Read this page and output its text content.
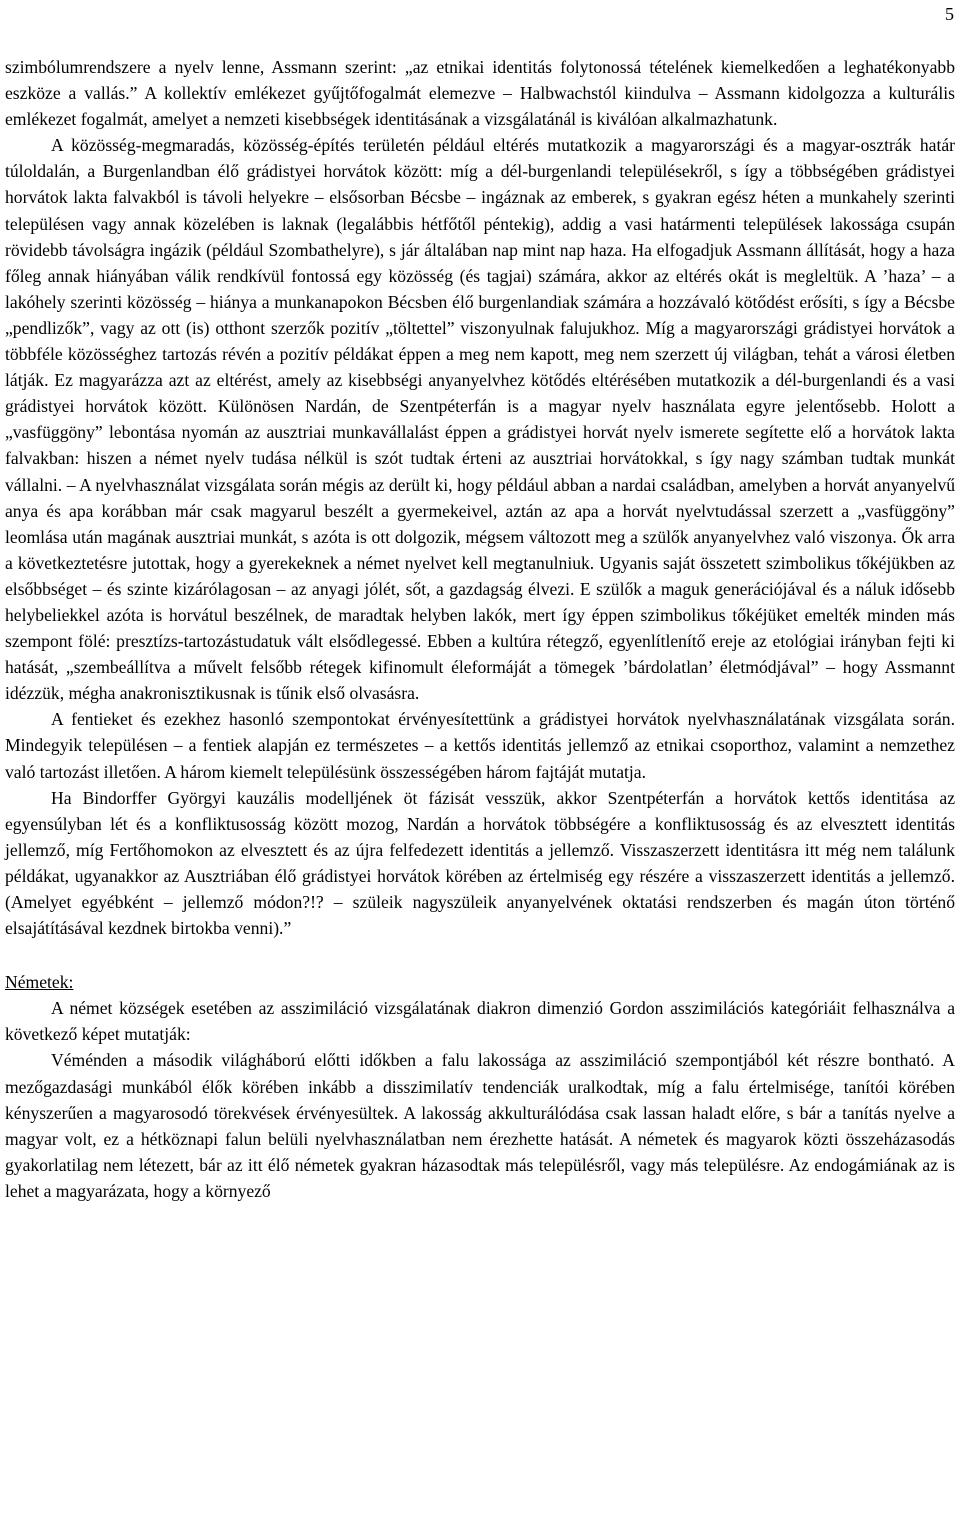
5

szimbólumrendszere a nyelv lenne, Assmann szerint: „az etnikai identitás folytonossá tételének kiemelkedően a leghatékonyabb eszköze a vallás.” A kollektív emlékezet gyűjtőfogalmát elemezve – Halbwachstól kiindulva – Assmann kidolgozza a kulturális emlékezet fogalmát, amelyet a nemzeti kisebbségek identitásának a vizsgálatánál is kiválóan alkalmazhatunk.

A közösség-megmaradás, közösség-építés területén például eltérés mutatkozik a magyarországi és a magyar-osztrák határ túloldalán, a Burgenlandban élő grádistyei horvátok között: míg a dél-burgenlandi településekről, s így a többségében grádistyei horvátok lakta falvakból is távoli helyekre – elsősorban Bécsbe – ingáznak az emberek, s gyakran egész héten a munkahely szerinti településen vagy annak közelében is laknak (legalábbis hétfőtől péntekig), addig a vasi határmenti települések lakossága csupán rövidebb távolságra ingázik (például Szombathelyre), s jár általában nap mint nap haza. Ha elfogadjuk Assmann állítását, hogy a haza főleg annak hiányában válik rendkívül fontossá egy közösség (és tagjai) számára, akkor az eltérés okát is megleltük. A ’haza’ – a lakóhely szerinti közösség – hiánya a munkanapokon Bécsben élő burgenlandiak számára a hozzávaló kötődést erősíti, s így a Bécsbe „pendlizők”, vagy az ott (is) otthont szerzők pozitív „töltettel” viszonyulnak falujukhoz. Míg a magyarországi grádistyei horvátok a többféle közösséghez tartozás révén a pozitív példákat éppen a meg nem kapott, meg nem szerzett új világban, tehát a városi életben látják. Ez magyarázza azt az eltérést, amely az kisebbségi anyanyelvhez kötődés eltérésében mutatkozik a dél-burgenlandi és a vasi grádistyei horvátok között. Különösen Nardán, de Szentpéterfán is a magyar nyelv használata egyre jelentősebb. Holott a „vasfüggöny” lebontása nyomán az ausztriai munkavállalást éppen a grádistyei horvát nyelv ismerete segítette elő a horvátok lakta falvakban: hiszen a német nyelv tudása nélkül is szót tudtak érteni az ausztriai horvátokkal, s így nagy számban tudtak munkát vállalni. – A nyelvhasználat vizsgálata során mégis az derült ki, hogy például abban a nardai családban, amelyben a horvát anyanyelvű anya és apa korábban már csak magyarul beszélt a gyermekeivel, aztán az apa a horvát nyelvtudással szerzett a „vasfüggöny” leomlása után magának ausztriai munkát, s azóta is ott dolgozik, mégsem változott meg a szülők anyanyelvhez való viszonya. Ők arra a következtetésre jutottak, hogy a gyerekeknek a német nyelvet kell megtanulniuk. Ugyanis saját összetett szimbolikus tőkéjükben az elsőbbséget – és szinte kizárólagosan – az anyagi jólét, sőt, a gazdagság élvezi. E szülők a maguk generációjával és a náluk idősebb helybeliekkel azóta is horvátul beszélnek, de maradtak helyben lakók, mert így éppen szimbolikus tőkéjüket emelték minden más szempont fölé: presztízs-tartozástudatuk vált elsődlegessé. Ebben a kultúra rétegző, egyenlítlenítő ereje az etológiai irányban fejti ki hatását, „szembeállítva a művelt felsőbb rétegek kifinomult éleformáját a tömegek ’bárdolatlan’ életmódjával” – hogy Assmannt idézzük, mégha anakronisztikusnak is tűnik első olvasásra.

A fentieket és ezekhez hasonló szempontokat érvényesítettünk a grádistyei horvátok nyelvhasználatának vizsgálata során. Mindegyik településen – a fentiek alapján ez természetes – a kettős identitás jellemző az etnikai csoporthoz, valamint a nemzethez való tartozást illetően. A három kiemelt településünk összességében három fajtáját mutatja.

Ha Bindorffer Györgyi kauzális modelljének öt fázisát vesszük, akkor Szentpéterfán a horvátok kettős identitása az egyensúlyban lét és a konfliktusosság között mozog, Nardán a horvátok többségére a konfliktusosság és az elvesztett identitás jellemző, míg Fertőhomokon az elvesztett és az újra felfedezett identitás a jellemző. Visszaszerzett identitásra itt még nem találunk példákat, ugyanakkor az Ausztriában élő grádistyei horvátok körében az értelmiség egy részére a visszaszerzett identitás a jellemző. (Amelyet egyébként – jellemző módon?!? – szüleik nagyszüleik anyanyelvének oktatási rendszerben és magán úton történő elsajátításával kezdnek birtokba venni).”

Németek:

A német községek esetében az asszimiláció vizsgálatának diakron dimenzió Gordon asszimilációs kategóriáit felhasználva a következő képet mutatják:

Véménden a második világháború előtti időkben a falu lakossága az asszimiláció szempontjából két részre bontható. A mezőgazdasági munkából élők körében inkább a disszimilatív tendenciák uralkodtak, míg a falu értelmisége, tanítói körében kényszerűen a magyarosodó törekvések érvényesültek. A lakosság akkulturálódása csak lassan haladt előre, s bár a tanítás nyelve a magyar volt, ez a hétköznapi falun belüli nyelvhasználatban nem érezhette hatását. A németek és magyarok közti összeházasodás gyakorlatilag nem létezett, bár az itt élő németek gyakran házasodtak más településről, vagy más településre. Az endogámiának az is lehet a magyarázata, hogy a környező
